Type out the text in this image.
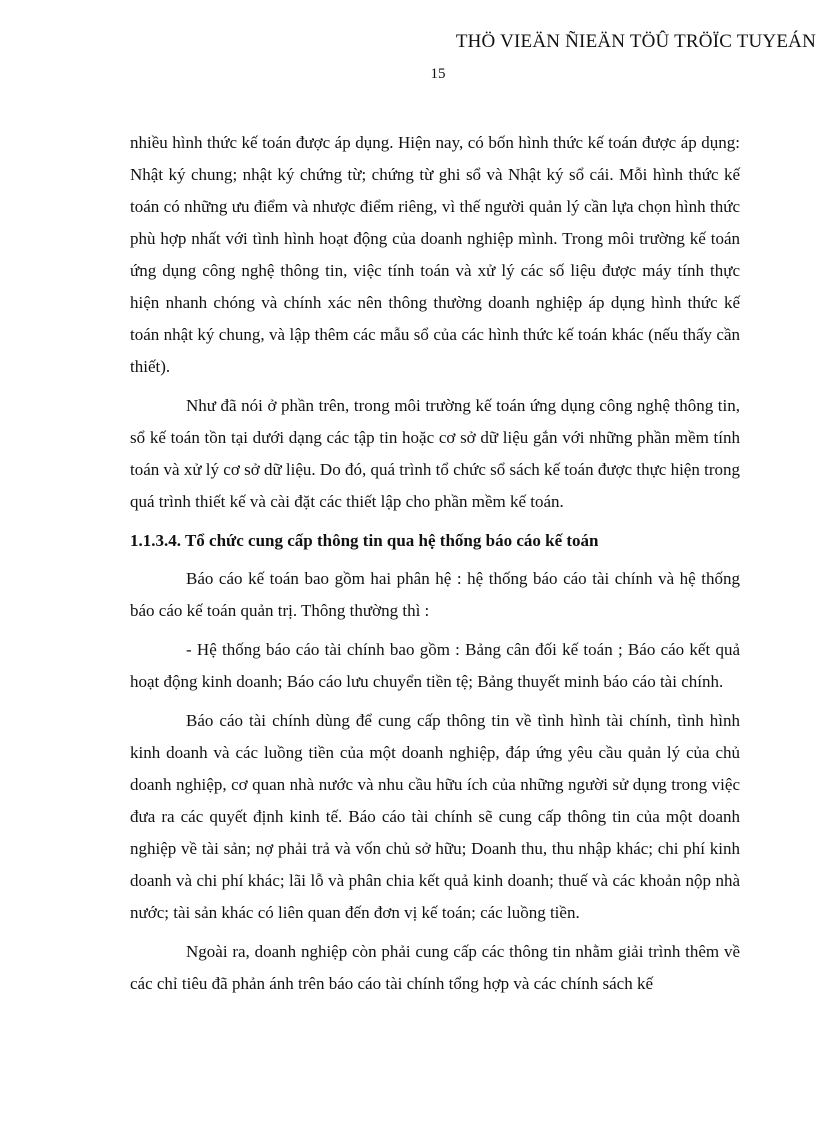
THÖ VIEÄN ÑIEÄN TÖÛ TRÖÏC TUYEÁN
15

nhiều hình thức kế toán được áp dụng. Hiện nay, có bốn hình thức kế toán được áp dụng: Nhật ký chung; nhật ký chứng từ; chứng từ ghi sổ và Nhật ký sổ cái. Mỗi hình thức kế toán có những ưu điểm và nhược điểm riêng, vì thế người quản lý cần lựa chọn hình thức phù hợp nhất với tình hình hoạt động của doanh nghiệp mình. Trong môi trường kế toán ứng dụng công nghệ thông tin, việc tính toán và xử lý các số liệu được máy tính thực hiện nhanh chóng và chính xác nên thông thường doanh nghiệp áp dụng hình thức kế toán nhật ký chung, và lập thêm các mẫu sổ của các hình thức kế toán khác (nếu thấy cần thiết).

Như đã nói ở phần trên, trong môi trường kế toán ứng dụng công nghệ thông tin, sổ kế toán tồn tại dưới dạng các tập tin hoặc cơ sở dữ liệu gắn với những phần mềm tính toán và xử lý cơ sở dữ liệu. Do đó, quá trình tổ chức sổ sách kế toán được thực hiện trong quá trình thiết kế và cài đặt các thiết lập cho phần mềm kế toán.

1.1.3.4. Tổ chức cung cấp thông tin qua hệ thống báo cáo kế toán

Báo cáo kế toán bao gồm hai phân hệ : hệ thống báo cáo tài chính và hệ thống báo cáo kế toán quản trị. Thông thường thì :

- Hệ thống báo cáo tài chính bao gồm : Bảng cân đối kế toán ; Báo cáo kết quả hoạt động kinh doanh; Báo cáo lưu chuyển tiền tệ; Bảng thuyết minh báo cáo tài chính.

Báo cáo tài chính dùng để cung cấp thông tin về tình hình tài chính, tình hình kinh doanh và các luồng tiền của một doanh nghiệp, đáp ứng yêu cầu quản lý của chủ doanh nghiệp, cơ quan nhà nước và nhu cầu hữu ích của những người sử dụng trong việc đưa ra các quyết định kinh tế. Báo cáo tài chính sẽ cung cấp thông tin của một doanh nghiệp về tài sản; nợ phải trả và vốn chủ sở hữu; Doanh thu, thu nhập khác; chi phí kinh doanh và chi phí khác; lãi lỗ và phân chia kết quả kinh doanh; thuế và các khoản nộp nhà nước; tài sản khác có liên quan đến đơn vị kế toán; các luồng tiền.

Ngoài ra, doanh nghiệp còn phải cung cấp các thông tin nhằm giải trình thêm về các chỉ tiêu đã phản ánh trên báo cáo tài chính tổng hợp và các chính sách kế
